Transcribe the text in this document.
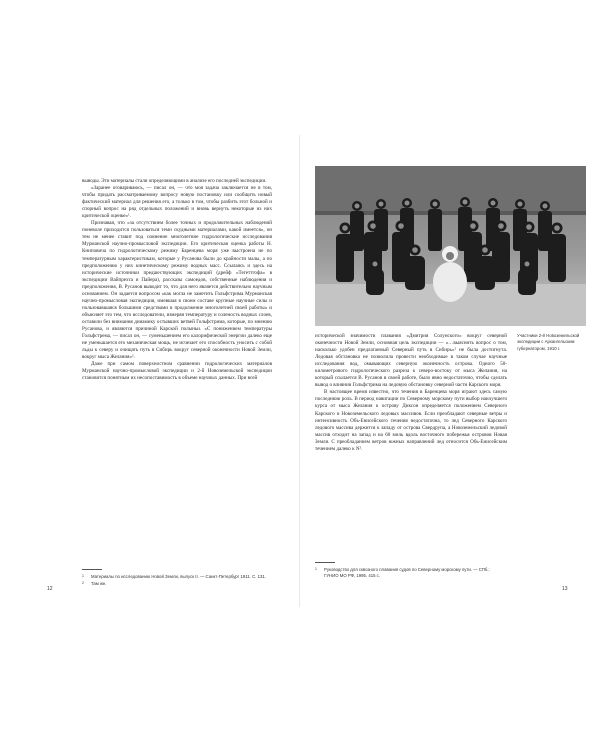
выводы. Эти материалы стали определяющими в анализе его последней экспедиции.

«Заранее оговариваюсь, — писал он, — что моя задача заключается не в том, чтобы придать рассматриваемому вопросу новую постановку или сообщить новый фактический материал для решения его, а только в том, чтобы разбить этот больной и спорный вопрос на ряд отдельных положений и вновь вернуть некоторые из них критической оценке»¹.

Признавая, что «за отсутствием более точных и продолжительных наблюдений поневоле приходится пользоваться теми скудными материалами, какой имеется», он тем не менее ставит под сомнение многолетние гидрологические исследования Мурманской научно-промысловой экспедиции. Его критическая оценка работы Н. Книповича по гидрологическому режиму Баренцева моря уже выстроена не по температурным характеристикам, которые у Русанова были до крайности малы, а по предположению у них кинетическому режиму водных масс. Ссылаясь и здесь на исторические источники предшествующих экспедиций (дрейф «Тегеттгофа» в экспедиции Вайпрехта и Пайера), рассказы самоедов, собственные наблюдения и предположения, В. Русанов выводит то, что для него является действительно научным основанием. Он задается вопросом «как могла не заметить Гольфстрима Мурманская научно-промысловая экспедиция, имевшая в своем составе крупные научные силы и пользовавшаяся большими средствами в продолжение многолетней своей работы» и объясняет это тем, что исследователи, измеряя температуру и соленость водных слоев, оставили без внимания динамику остывших ветвей Гольфстрима, которые, по мнению Русанова, и являются причиной Карской полыньи. «С понижением температуры Гольфстрема, — писал он, — суменьшением его калорифической энергии далеко еще не уменьшается его механическая мощь, не исчезает его способность уносить с собой льды к северу и очищать путь в Сибирь вокруг северной оконечности Новой Земли, вокруг мыса Желания»².

Даже при самом поверхностном сравнении гидрологических материалов Мурманской научно-промысловой экспедиции и 2-й Новоземельской экспедиции становится понятным их несопоставимость в объеме научных данных. При всей

1	Материалы по исследованию Новой Земли, выпуск II. — Санкт-Петербург 1911. С. 131.
2	Там же.
12
Участники 2-й Новоземельской экспедиции с Архангельским губернатором, 1910 г.

исторической значимости плавания «Дмитрия Солунского» вокруг северной оконечности Новой Земли, основная цель экспедиции — «…выяснить вопрос о том, насколько удобен предлагаемый Северный путь в Сибирь»¹ не была достигнута. Ледовая обстановка не позволила провести необходимые в таком случае научные исследования вод, омывающих северную оконечность острова. Одного 50-километрового гидрологического разреза к северо-востоку от мыса Желания, на который ссылается В. Русанов в своей работе, было явно недостаточно, чтобы сделать вывод о влиянии Гольфстрима на ледовую обстановку северной части Карского моря.

В настоящее время известно, что течения в Баренцева моря играют здесь самую последнюю роль. В период навигации по Северному морскому пути выбор наилучшего курса от мыса Желания к острову Диксон определяется положением Северного Карского и Новоземельского ледовых массивов. Если преобладают северные ветры и интенсивность Обь-Енисейского течения недостаточна, то лед Северного Карского ледового массива держится к западу от острова Свердрупа, а Новоземельский ледовой массив отходит на запад и на 60 миль вдоль восточного побережья островов Новая Земля. С преобладанием ветров южных направлений лед относится Обь-Енисейским течением далеко к N².

1	Руководство для сквозного плавания судов по Северному морскому пути. — СПб.: ГУНИО МО РФ, 1995. 415 с.
13
